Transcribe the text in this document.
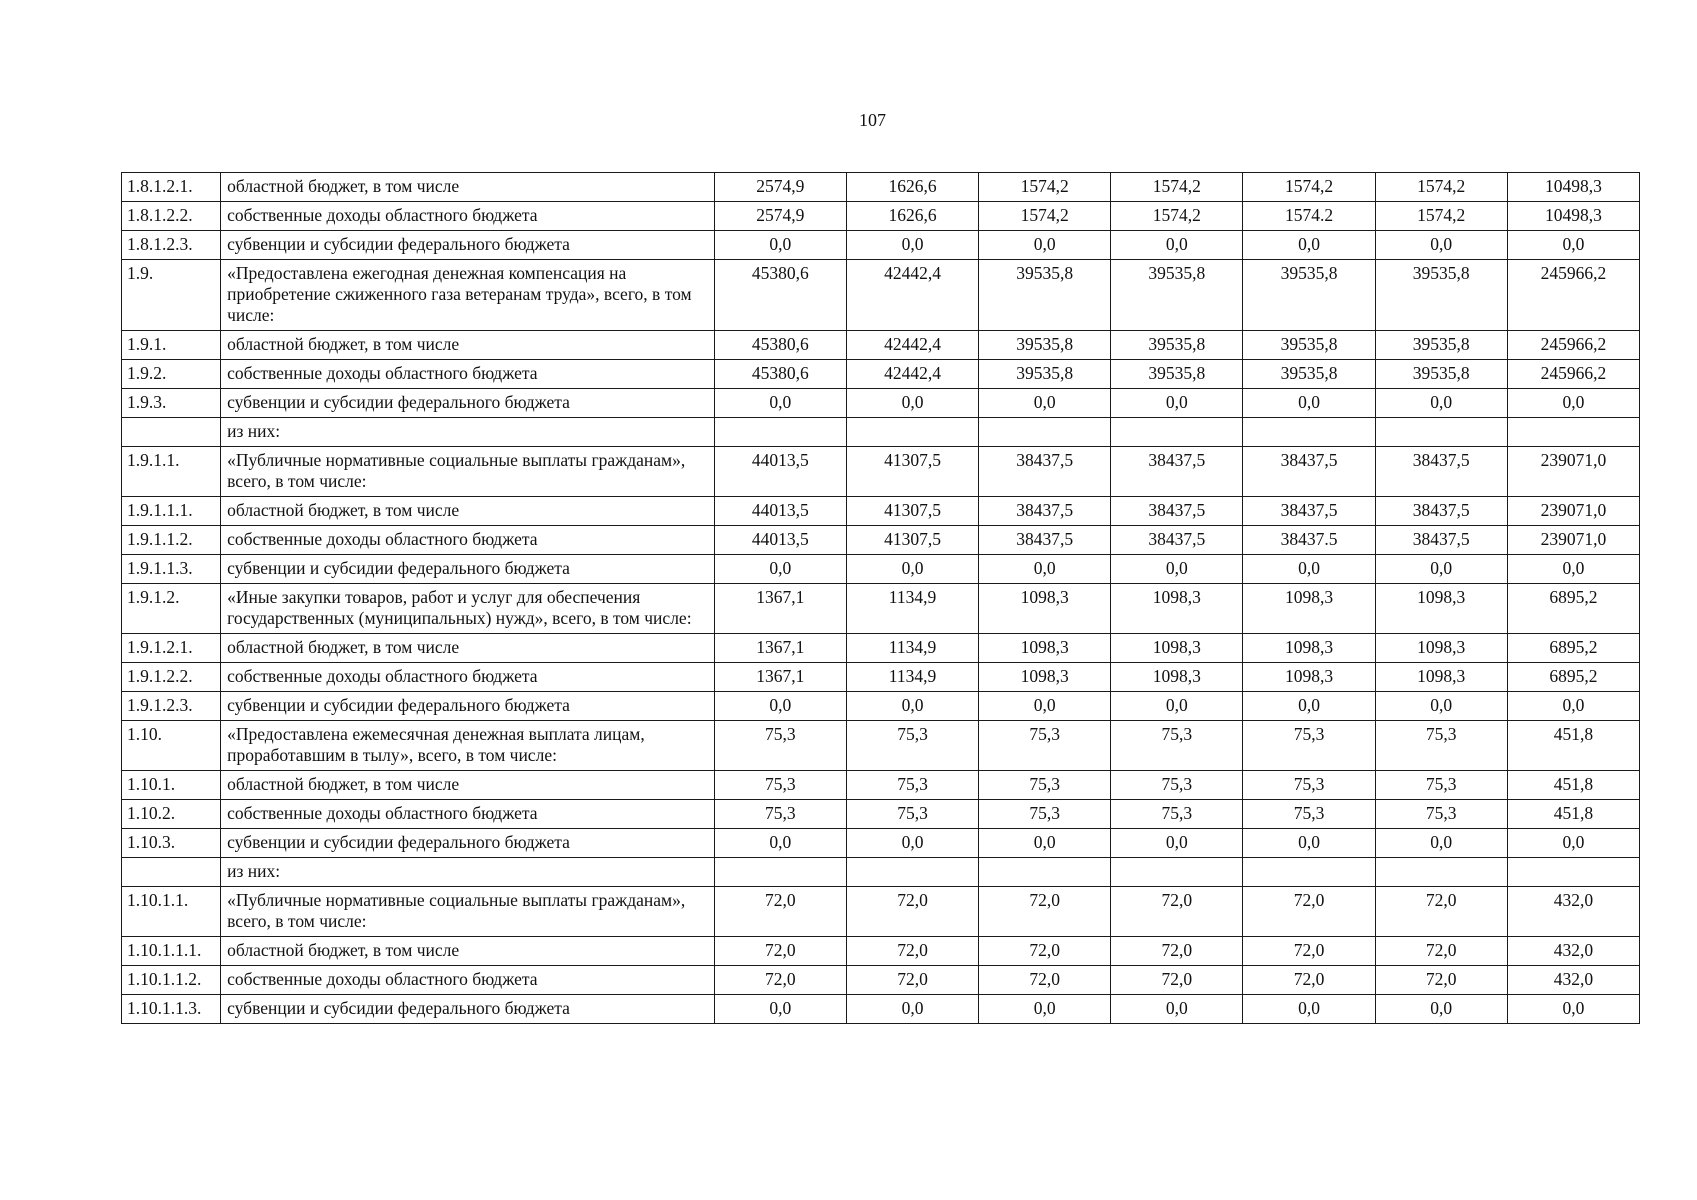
107
1.8.1.2.1.	областной бюджет, в том числе	2574,9	1626,6	1574,2	1574,2	1574,2	1574,2	10498,3
1.8.1.2.2.	собственные доходы областного бюджета	2574,9	1626,6	1574,2	1574,2	1574.2	1574,2	10498,3
1.8.1.2.3.	субвенции и субсидии федерального бюджета	0,0	0,0	0,0	0,0	0,0	0,0	0,0
1.9.	«Предоставлена ежегодная денежная компенсация на приобретение сжиженного газа ветеранам труда», всего, в том числе:	45380,6	42442,4	39535,8	39535,8	39535,8	39535,8	245966,2
1.9.1.	областной бюджет, в том числе	45380,6	42442,4	39535,8	39535,8	39535,8	39535,8	245966,2
1.9.2.	собственные доходы областного бюджета	45380,6	42442,4	39535,8	39535,8	39535,8	39535,8	245966,2
1.9.3.	субвенции и субсидии федерального бюджета	0,0	0,0	0,0	0,0	0,0	0,0	0,0
	из них:							
1.9.1.1.	«Публичные нормативные социальные выплаты гражданам», всего, в том числе:	44013,5	41307,5	38437,5	38437,5	38437,5	38437,5	239071,0
1.9.1.1.1.	областной бюджет, в том числе	44013,5	41307,5	38437,5	38437,5	38437,5	38437,5	239071,0
1.9.1.1.2.	собственные доходы областного бюджета	44013,5	41307,5	38437,5	38437,5	38437.5	38437,5	239071,0
1.9.1.1.3.	субвенции и субсидии федерального бюджета	0,0	0,0	0,0	0,0	0,0	0,0	0,0
1.9.1.2.	«Иные закупки товаров, работ и услуг для обеспечения государственных (муниципальных) нужд», всего, в том числе:	1367,1	1134,9	1098,3	1098,3	1098,3	1098,3	6895,2
1.9.1.2.1.	областной бюджет, в том числе	1367,1	1134,9	1098,3	1098,3	1098,3	1098,3	6895,2
1.9.1.2.2.	собственные доходы областного бюджета	1367,1	1134,9	1098,3	1098,3	1098,3	1098,3	6895,2
1.9.1.2.3.	субвенции и субсидии федерального бюджета	0,0	0,0	0,0	0,0	0,0	0,0	0,0
1.10.	«Предоставлена ежемесячная денежная выплата лицам, проработавшим в тылу», всего, в том числе:	75,3	75,3	75,3	75,3	75,3	75,3	451,8
1.10.1.	областной бюджет, в том числе	75,3	75,3	75,3	75,3	75,3	75,3	451,8
1.10.2.	собственные доходы областного бюджета	75,3	75,3	75,3	75,3	75,3	75,3	451,8
1.10.3.	субвенции и субсидии федерального бюджета	0,0	0,0	0,0	0,0	0,0	0,0	0,0
	из них:							
1.10.1.1.	«Публичные нормативные социальные выплаты гражданам», всего, в том числе:	72,0	72,0	72,0	72,0	72,0	72,0	432,0
1.10.1.1.1.	областной бюджет, в том числе	72,0	72,0	72,0	72,0	72,0	72,0	432,0
1.10.1.1.2.	собственные доходы областного бюджета	72,0	72,0	72,0	72,0	72,0	72,0	432,0
1.10.1.1.3.	субвенции и субсидии федерального бюджета	0,0	0,0	0,0	0,0	0,0	0,0	0,0
